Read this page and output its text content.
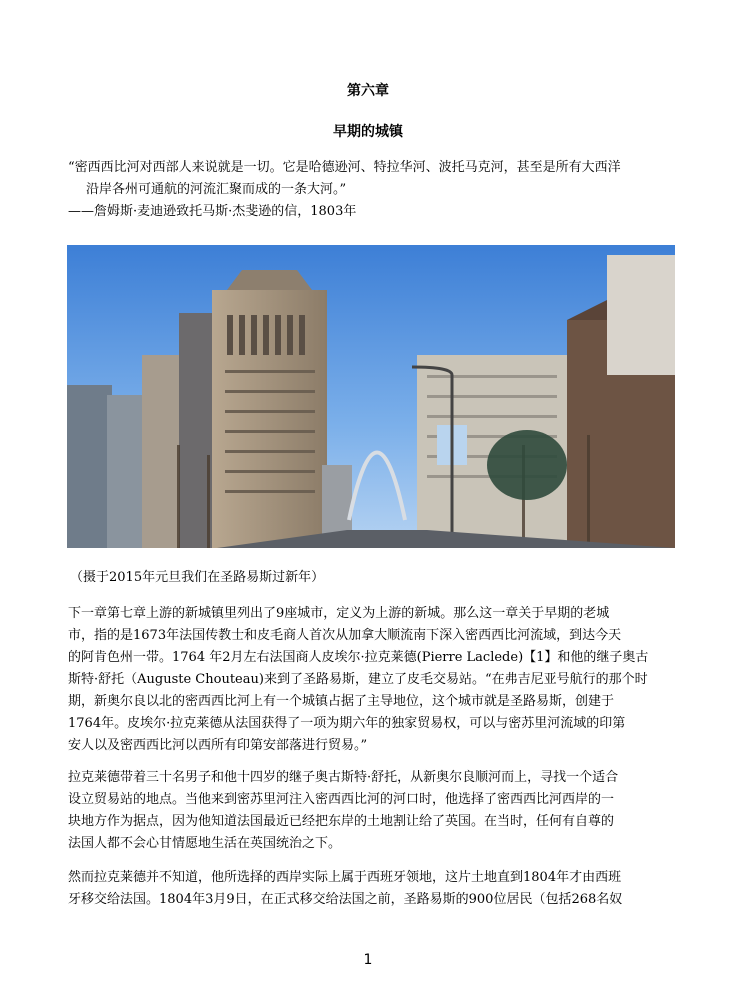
第六章
早期的城镇
“密西西比河对西部人来说就是一切。它是哈德逊河、特拉华河、波托马克河，甚至是所有大西洋
沿岸各州可通航的河流汇聚而成的一条大河。”
——詹姆斯·麦迪逊致托马斯·杰斐逊的信，1803年
（摄于2015年元旦我们在圣路易斯过新年）
下一章第七章上游的新城镇里列出了9座城市，定义为上游的新城。那么这一章关于早期的老城
市，指的是1673年法国传教士和皮毛商人首次从加拿大顺流南下深入密西西比河流域，到达今天
的阿肯色州一带。1764 年2月左右法国商人皮埃尔·拉克莱德(Pierre Laclede)【1】和他的继子奥古
斯特·舒托（Auguste Chouteau)来到了圣路易斯，建立了皮毛交易站。“在弗吉尼亚号航行的那个时
期，新奥尔良以北的密西西比河上有一个城镇占据了主导地位，这个城市就是圣路易斯，创建于
1764年。皮埃尔·拉克莱德从法国获得了一项为期六年的独家贸易权，可以与密苏里河流域的印第
安人以及密西西比河以西所有印第安部落进行贸易。”
拉克莱德带着三十名男子和他十四岁的继子奥古斯特·舒托，从新奥尔良顺河而上，寻找一个适合
设立贸易站的地点。当他来到密苏里河注入密西西比河的河口时，他选择了密西西比河西岸的一
块地方作为据点，因为他知道法国最近已经把东岸的土地割让给了英国。在当时，任何有自尊的
法国人都不会心甘情愿地生活在英国统治之下。
然而拉克莱德并不知道，他所选择的西岸实际上属于西班牙领地，这片土地直到1804年才由西班
牙移交给法国。1804年3月9日，在正式移交给法国之前，圣路易斯的900位居民（包括268名奴
1
